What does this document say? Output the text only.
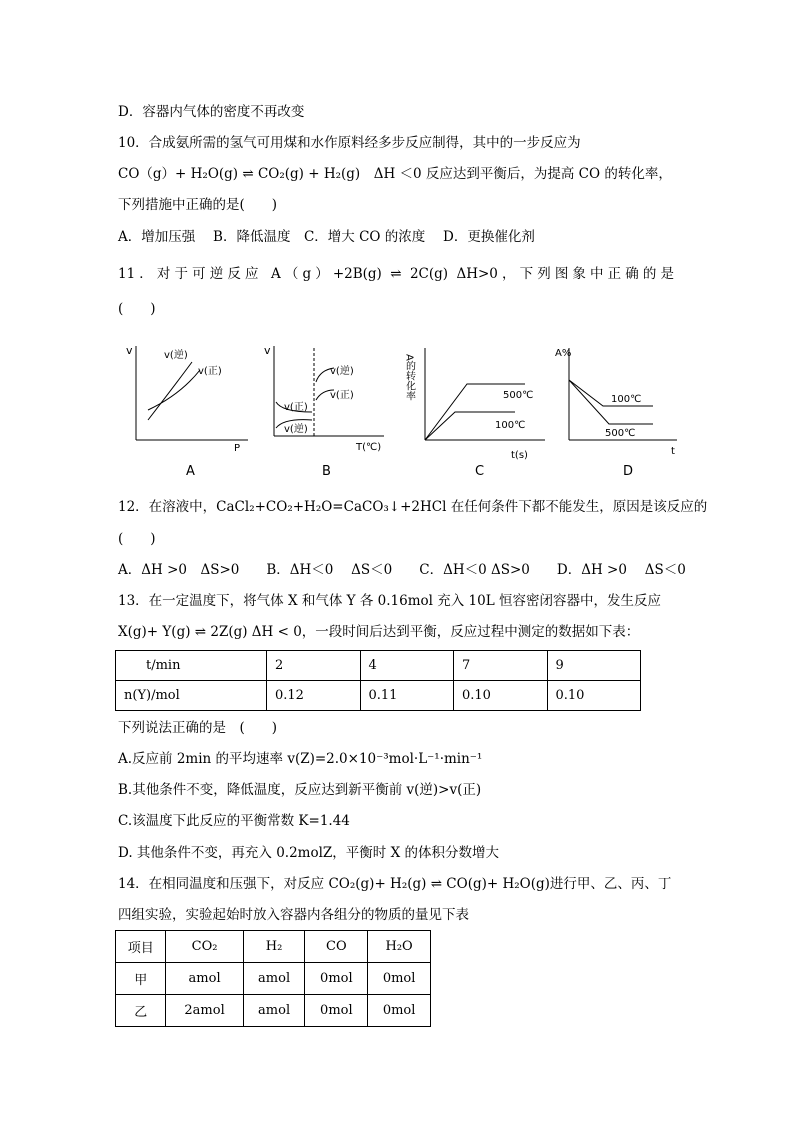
D．容器内气体的密度不再改变
10．合成氨所需的氢气可用煤和水作原料经多步反应制得，其中的一步反应为
CO（g）+ H₂O(g) ⇌ CO₂(g) + H₂(g)　ΔH ＜0 反应达到平衡后，为提高 CO 的转化率，
下列措施中正确的是(　　)
A．增加压强　 B．降低温度　C．增大 CO 的浓度　 D．更换催化剂
11．对于可逆反应 A（g）+2B(g) ⇌ 2C(g) ΔH>0，下列图象中正确的是
(　　)
v
P
v(逆)
v(正)
A
v
T(℃)
v(逆)
v(正)
v(正)
v(逆)
B
A的转化率
t(s)
500℃
100℃
C
A%
t
100℃
500℃
D
12．在溶液中，CaCl₂+CO₂+H₂O=CaCO₃↓+2HCl 在任何条件下都不能发生，原因是该反应的
(　　)
A．ΔH >0　ΔS>0　　B．ΔH＜0　 ΔS＜0　　C．ΔH＜0 ΔS>0　　D．ΔH >0　 ΔS＜0
13．在一定温度下，将气体 X 和气体 Y 各 0.16mol 充入 10L 恒容密闭容器中，发生反应
X(g)+ Y(g) ⇌ 2Z(g) ΔH < 0，一段时间后达到平衡，反应过程中测定的数据如下表：
t/min	2	4	7	9
n(Y)/mol	0.12	0.11	0.10	0.10
下列说法正确的是　(　　)
A.反应前 2min 的平均速率 v(Z)=2.0×10⁻³mol·L⁻¹·min⁻¹
B.其他条件不变，降低温度，反应达到新平衡前 v(逆)>v(正)
C.该温度下此反应的平衡常数 K=1.44
D. 其他条件不变，再充入 0.2molZ，平衡时 X 的体积分数增大
14．在相同温度和压强下，对反应 CO₂(g)+ H₂(g) ⇌ CO(g)+ H₂O(g)进行甲、乙、丙、丁
四组实验，实验起始时放入容器内各组分的物质的量见下表
项目	CO₂	H₂	CO	H₂O
甲	amol	amol	0mol	0mol
乙	2amol	amol	0mol	0mol
